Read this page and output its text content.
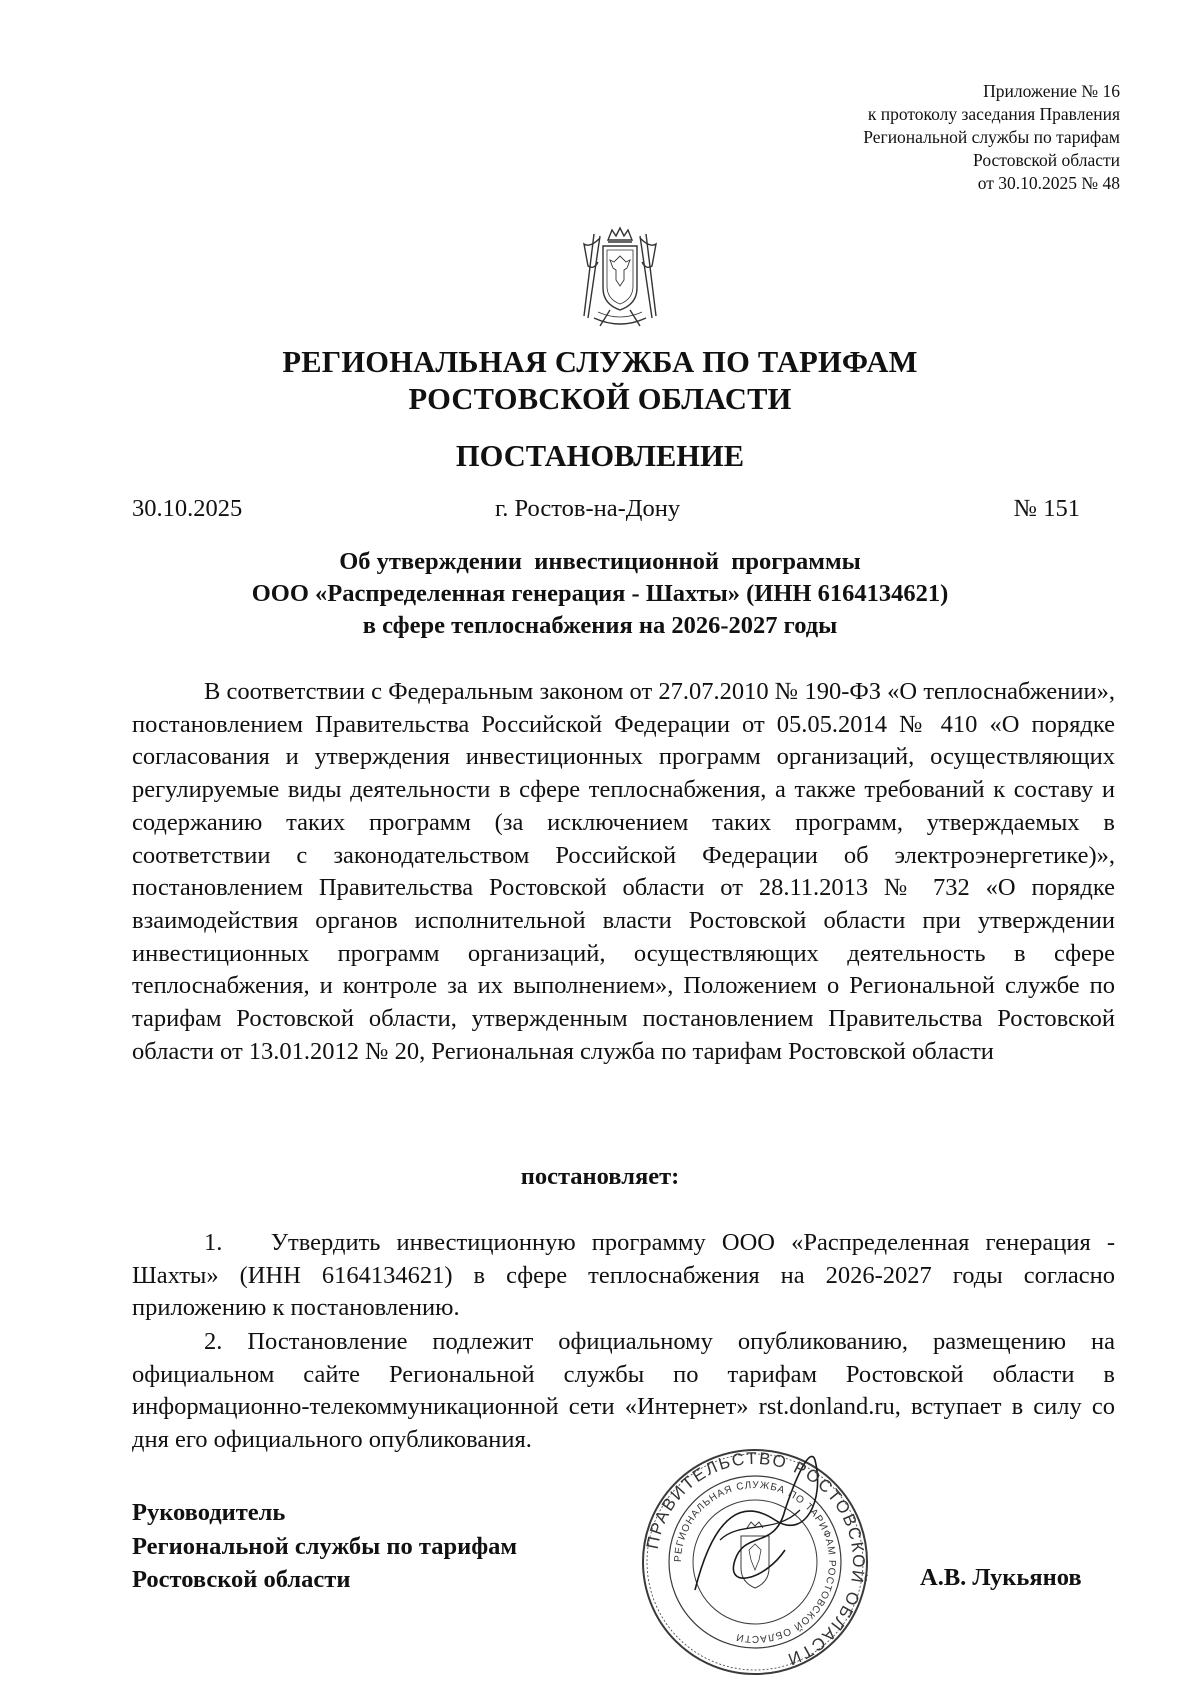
Приложение № 16
к протоколу заседания Правления
Региональной службы по тарифам
Ростовской области
от 30.10.2025 № 48
РЕГИОНАЛЬНАЯ СЛУЖБА ПО ТАРИФАМ
РОСТОВСКОЙ ОБЛАСТИ
ПОСТАНОВЛЕНИЕ
30.10.2025	г. Ростов-на-Дону	№ 151
Об утверждении  инвестиционной  программы
ООО «Распределенная генерация - Шахты» (ИНН 6164134621)
в сфере теплоснабжения на 2026-2027 годы
В соответствии с Федеральным законом от 27.07.2010 № 190-ФЗ «О теплоснабжении», постановлением Правительства Российской Федерации от 05.05.2014 № 410 «О порядке согласования и утверждения инвестиционных программ организаций, осуществляющих регулируемые виды деятельности в сфере теплоснабжения, а также требований к составу и содержанию таких программ (за исключением таких программ, утверждаемых в соответствии с законодательством Российской Федерации об электроэнергетике)», постановлением Правительства Ростовской области от 28.11.2013 № 732 «О порядке взаимодействия органов исполнительной власти Ростовской области при утверждении инвестиционных программ организаций, осуществляющих деятельность в сфере теплоснабжения, и контроле за их выполнением», Положением о Региональной службе по тарифам Ростовской области, утвержденным постановлением Правительства Ростовской области от 13.01.2012 № 20, Региональная служба по тарифам Ростовской области
постановляет:
1.   Утвердить инвестиционную программу ООО «Распределенная генерация - Шахты» (ИНН 6164134621) в сфере теплоснабжения на 2026-2027 годы согласно приложению к постановлению.
2. Постановление подлежит официальному опубликованию, размещению на официальном сайте Региональной службы по тарифам Ростовской области в информационно-телекоммуникационной сети «Интернет» rst.donland.ru, вступает в силу со дня его официального опубликования.
Руководитель
Региональной службы по тарифам
Ростовской области
ПРАВИТЕЛЬСТВО РОСТОВСКОЙ ОБЛАСТИ
РЕГИОНАЛЬНАЯ СЛУЖБА ПО ТАРИФАМ РОСТОВСКОЙ ОБЛАСТИ
А.В. Лукьянов
